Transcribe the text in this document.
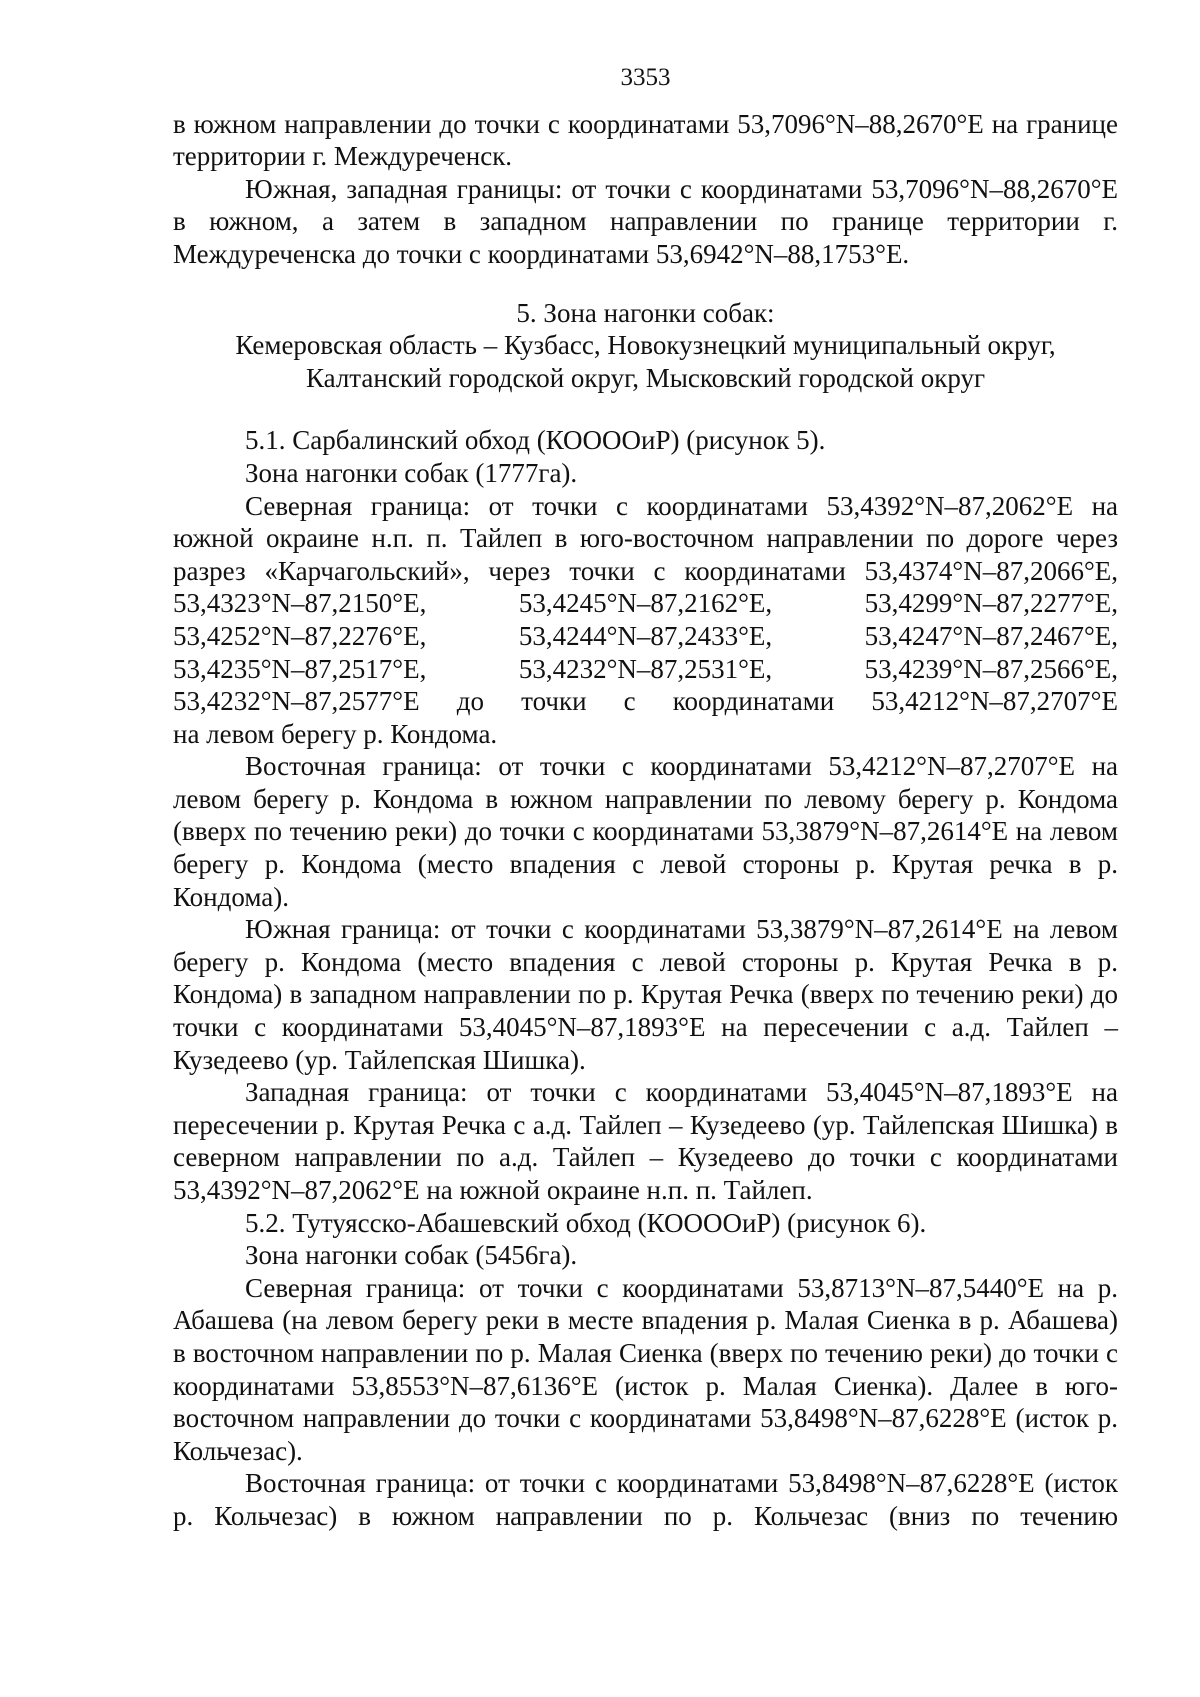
3353

в южном направлении до точки с координатами 53,7096°N–88,2670°E на границе территории г. Междуреченск.

Южная, западная границы: от точки с координатами 53,7096°N–88,2670°E в южном, а затем в западном направлении по границе территории г. Междуреченска до точки с координатами 53,6942°N–88,1753°E.

5. Зона нагонки собак:
Кемеровская область – Кузбасс, Новокузнецкий муниципальный округ,
Калтанский городской округ, Мысковский городской округ

5.1. Сарбалинский обход (КООООиР) (рисунок 5).

Зона нагонки собак (1777га).

Северная граница: от точки с координатами 53,4392°N–87,2062°E на южной окраине н.п. п. Тайлеп в юго-восточном направлении по дороге через разрез «Карчагольский», через точки с координатами 53,4374°N–87,2066°E, 53,4323°N–87,2150°E, 53,4245°N–87,2162°E, 53,4299°N–87,2277°E,

53,4252°N–87,2276°E,	53,4244°N–87,2433°E,	53,4247°N–87,2467°E,
53,4235°N–87,2517°E,	53,4232°N–87,2531°E,	53,4239°N–87,2566°E,
53,4232°N–87,2577°E до точки с координатами 53,4212°N–87,2707°E

на левом берегу р. Кондома.

Восточная граница: от точки с координатами 53,4212°N–87,2707°E на левом берегу р. Кондома в южном направлении по левому берегу р. Кондома (вверх по течению реки) до точки с координатами 53,3879°N–87,2614°E на левом берегу р. Кондома (место впадения с левой стороны р. Крутая речка в р. Кондома).

Южная граница: от точки с координатами 53,3879°N–87,2614°E на левом берегу р. Кондома (место впадения с левой стороны р. Крутая Речка в р. Кондома) в западном направлении по р. Крутая Речка (вверх по течению реки) до точки с координатами 53,4045°N–87,1893°E на пересечении с а.д. Тайлеп – Кузедеево (ур. Тайлепская Шишка).

Западная граница: от точки с координатами 53,4045°N–87,1893°E на пересечении р. Крутая Речка с а.д. Тайлеп – Кузедеево (ур. Тайлепская Шишка) в северном направлении по а.д. Тайлеп – Кузедеево до точки с координатами 53,4392°N–87,2062°E на южной окраине н.п. п. Тайлеп.

5.2. Тутуясско-Абашевский обход (КООООиР) (рисунок 6).

Зона нагонки собак (5456га).

Северная граница: от точки с координатами 53,8713°N–87,5440°E на р. Абашева (на левом берегу реки в месте впадения р. Малая Сиенка в р. Абашева) в восточном направлении по р. Малая Сиенка (вверх по течению реки) до точки с координатами 53,8553°N–87,6136°E (исток р. Малая Сиенка). Далее в юго-восточном направлении до точки с координатами 53,8498°N–87,6228°E (исток р. Кольчезас).

Восточная граница: от точки с координатами 53,8498°N–87,6228°E (исток р. Кольчезас) в южном направлении по р. Кольчезас (вниз по течению
